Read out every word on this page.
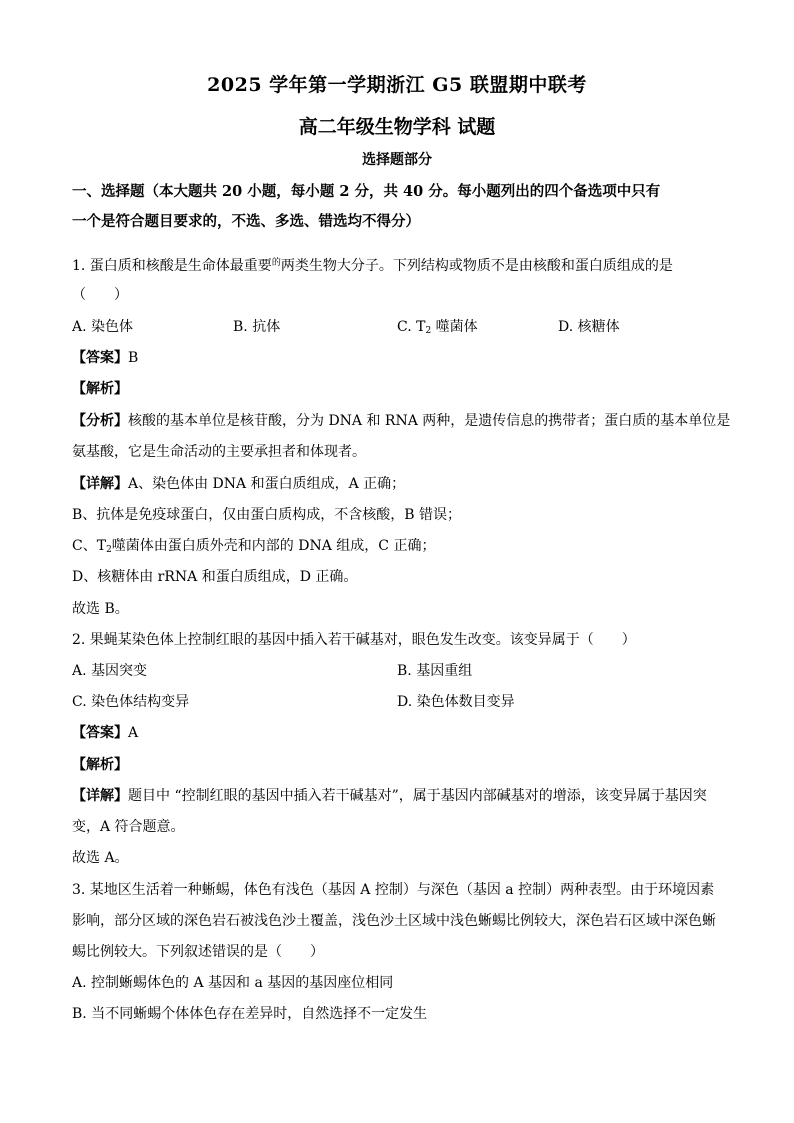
2025 学年第一学期浙江 G5 联盟期中联考
高二年级生物学科 试题
选择题部分
一、选择题（本大题共 20 小题，每小题 2 分，共 40 分。每小题列出的四个备选项中只有
一个是符合题目要求的，不选、多选、错选均不得分）
1. 蛋白质和核酸是生命体最重要$^的$两类生物大分子。下列结构或物质不是由核酸和蛋白质组成的是
（　　）
A. 染色体	B. 抗体	C. $T_2$ 噬菌体	D. 核糖体
【答案】B
【解析】
【分析】核酸的基本单位是核苷酸，分为 DNA 和 RNA 两种，是遗传信息的携带者；蛋白质的基本单位是
氨基酸，它是生命活动的主要承担者和体现者。
【详解】A、染色体由 DNA 和蛋白质组成，A 正确；
B、抗体是免疫球蛋白，仅由蛋白质构成，不含核酸，B 错误；
C、$T_2$噬菌体由蛋白质外壳和内部的 DNA 组成，C 正确；
D、核糖体由 rRNA 和蛋白质组成，D 正确。
故选 B。
2. 果蝇某染色体上控制红眼的基因中插入若干碱基对，眼色发生改变。该变异属于（　　）
A. 基因突变	B. 基因重组
C. 染色体结构变异	D. 染色体数目变异
【答案】A
【解析】
【详解】题目中 “控制红眼的基因中插入若干碱基对”，属于基因内部碱基对的增添，该变异属于基因突
变，A 符合题意。
故选 A。
3. 某地区生活着一种蜥蜴，体色有浅色（基因 A 控制）与深色（基因 a 控制）两种表型。由于环境因素
影响，部分区域的深色岩石被浅色沙土覆盖，浅色沙土区域中浅色蜥蜴比例较大，深色岩石区域中深色蜥
蜴比例较大。下列叙述错误的是（　　）
A. 控制蜥蜴体色的 A 基因和 a 基因的基因座位相同
B. 当不同蜥蜴个体体色存在差异时，自然选择不一定发生
